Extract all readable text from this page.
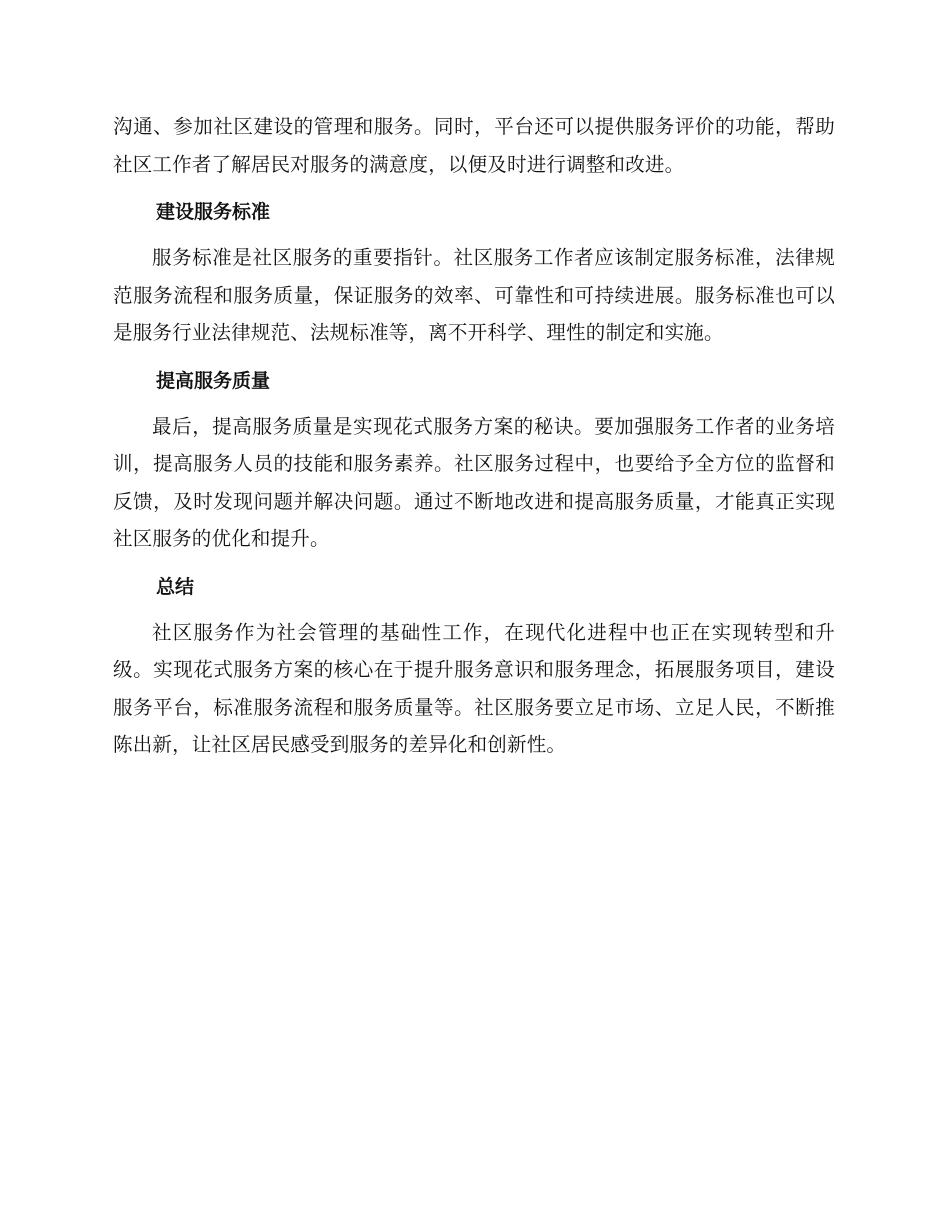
沟通、参加社区建设的管理和服务。同时，平台还可以提供服务评价的功能，帮助社区工作者了解居民对服务的满意度，以便及时进行调整和改进。

建设服务标准

服务标准是社区服务的重要指针。社区服务工作者应该制定服务标准，法律规范服务流程和服务质量，保证服务的效率、可靠性和可持续进展。服务标准也可以是服务行业法律规范、法规标准等，离不开科学、理性的制定和实施。

提高服务质量

最后，提高服务质量是实现花式服务方案的秘诀。要加强服务工作者的业务培训，提高服务人员的技能和服务素养。社区服务过程中，也要给予全方位的监督和反馈，及时发现问题并解决问题。通过不断地改进和提高服务质量，才能真正实现社区服务的优化和提升。

总结

社区服务作为社会管理的基础性工作，在现代化进程中也正在实现转型和升级。实现花式服务方案的核心在于提升服务意识和服务理念，拓展服务项目，建设服务平台，标准服务流程和服务质量等。社区服务要立足市场、立足人民，不断推陈出新，让社区居民感受到服务的差异化和创新性。
